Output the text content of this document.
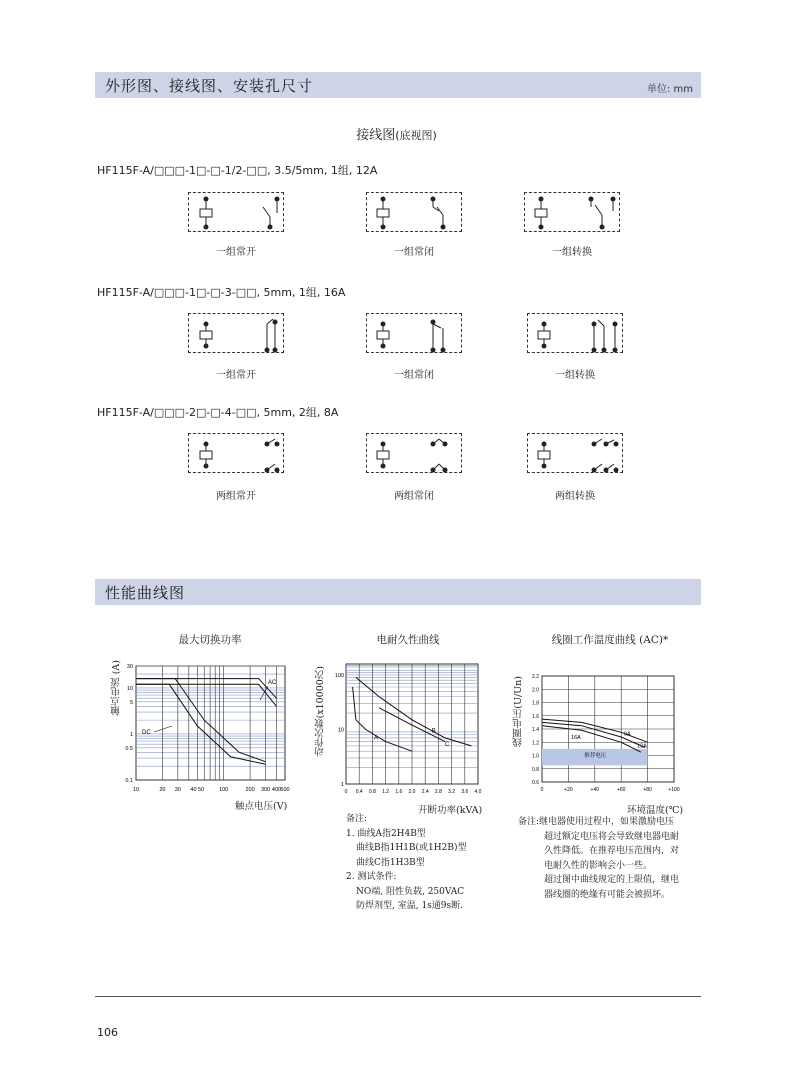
外形图、接线图、安装孔尺寸	单位: mm
接线图(底视图)
HF115F-A/□□□-1□-□-1/2-□□, 3.5/5mm, 1组, 12A
HF115F-A/□□□-1□-□-3-□□, 5mm, 1组, 16A
HF115F-A/□□□-2□-□-4-□□, 5mm, 2组, 8A
一组常开	一组常闭	一组转换
一组常开	一组常闭	一组转换
两组常开	两组常闭	两组转换
性能曲线图
最大切换功率	电耐久性曲线	线圈工作温度曲线 (AC)*
10	20 30 40 50	100	200 300 400 500
30
10
5
1
0.5
0.1
AC
DC
触点电压(V)
触点电流 (A)
0 0.4 0.8 1.2 1.6 2.0 2.4 2.8 3.2 3.6 4.0
100
10
1
A
B
C
开断功率(kVA)
动作次数(x10000次)	推荐电压
0	+20	+40	+60	+80	+100
2.2
2.0
1.8
1.6
1.4
1.2
1.0
0.8
0.6
0A
16A
12A
环境温度(℃)
线圈电压(U/Un)
备注:
1. 曲线A指2H4B型
曲线B指1H1B(或1H2B)型
曲线C指1H3B型
2. 测试条件:
NO端, 阻性负载, 250VAC
防焊剂型, 室温, 1s通9s断.
备注:继电器使用过程中，如果激励电压
超过额定电压将会导致继电器电耐
久性降低。在推荐电压范围内，对
电耐久性的影响会小一些。
超过图中曲线规定的上限值，继电
器线圈的绝缘有可能会被损坏。
106
